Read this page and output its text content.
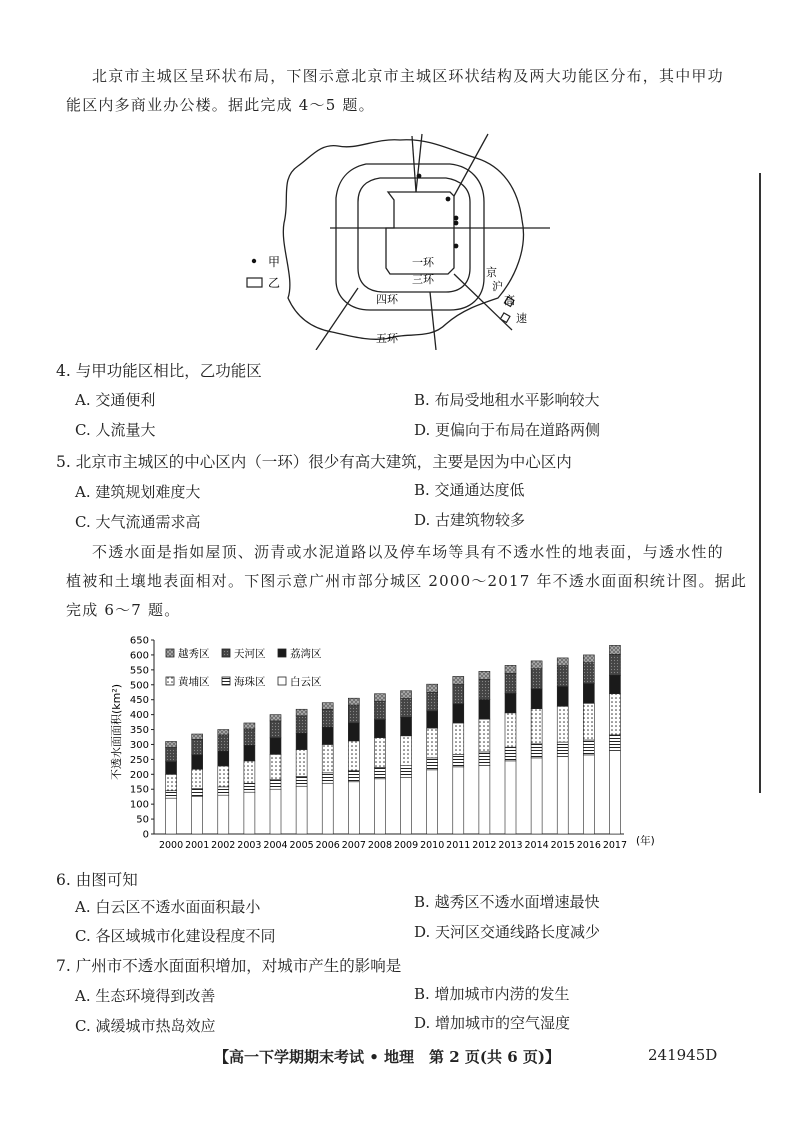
北京市主城区呈环状布局，下图示意北京市主城区环状结构及两大功能区分布，其中甲功
能区内多商业办公楼。据此完成 4～5 题。
甲
乙
一环
三环
四环
五环
京
沪
高
速
4. 与甲功能区相比，乙功能区
A. 交通便利	B. 布局受地租水平影响较大
C. 人流量大	D. 更偏向于布局在道路两侧
5. 北京市主城区的中心区内（一环）很少有高大建筑，主要是因为中心区内
A. 建筑规划难度大	B. 交通通达度低
C. 大气流通需求高	D. 古建筑物较多
不透水面是指如屋顶、沥青或水泥道路以及停车场等具有不透水性的地表面，与透水性的
植被和土壤地表面相对。下图示意广州市部分城区 2000～2017 年不透水面面积统计图。据此
完成 6～7 题。
不透水面面积(km²)
0
50
100
150
200
250
300
350
400
450
500
550
600
650
2000 2001 2002 2003 2004 2005 2006 2007 2008 2009 2010 2011 2012 2013 2014 2015 2016 2017
越秀区 天河区 荔湾区
黄埔区 海珠区 白云区
(年)
6. 由图可知
A. 白云区不透水面面积最小	B. 越秀区不透水面增速最快
C. 各区域城市化建设程度不同	D. 天河区交通线路长度减少
7. 广州市不透水面面积增加，对城市产生的影响是
A. 生态环境得到改善	B. 增加城市内涝的发生
C. 减缓城市热岛效应	D. 增加城市的空气湿度
【高一下学期期末考试 • 地理　第 2 页(共 6 页)】	241945D
